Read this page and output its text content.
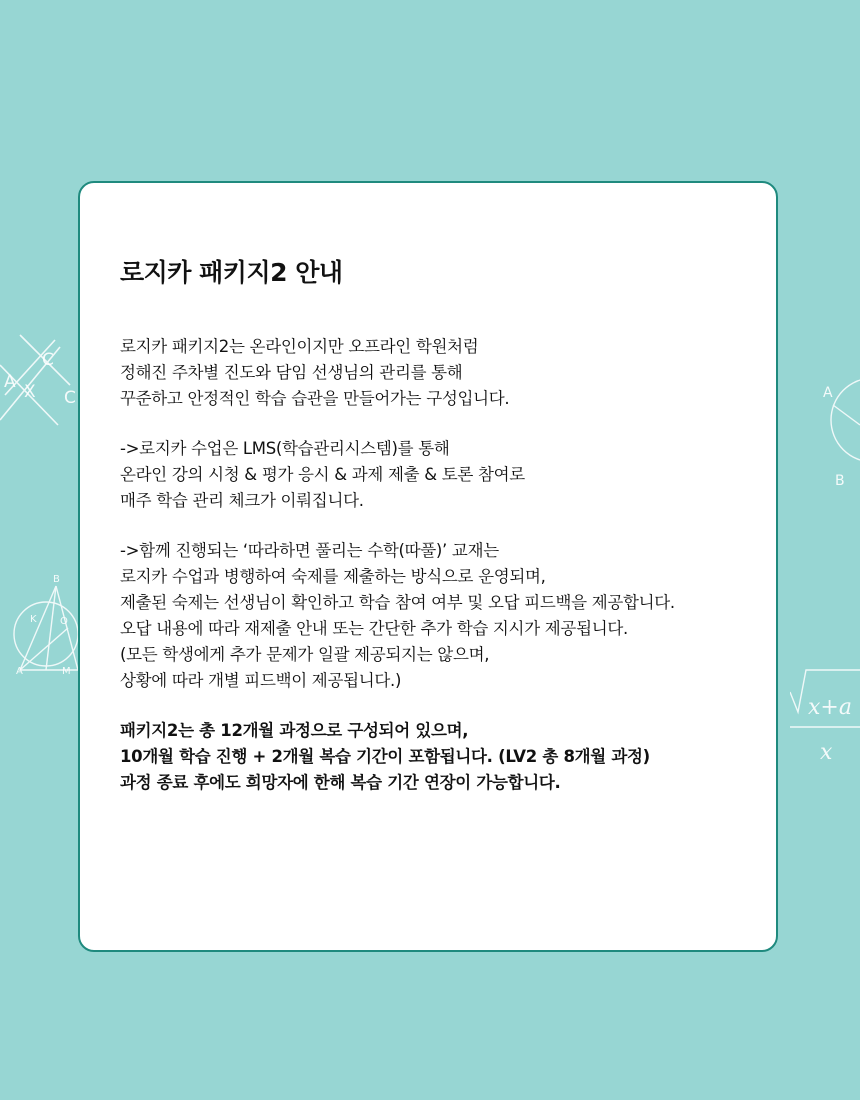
A
C
X C
B
K O
A	M
A
B
x+a
x
로지카 패키지2 안내
로지카 패키지2는 온라인이지만 오프라인 학원처럼
정해진 주차별 진도와 담임 선생님의 관리를 통해
꾸준하고 안정적인 학습 습관을 만들어가는 구성입니다.
->로지카 수업은 LMS(학습관리시스템)를 통해
온라인 강의 시청 & 평가 응시 & 과제 제출 & 토론 참여로
매주 학습 관리 체크가 이뤄집니다.
->함께 진행되는 ‘따라하면 풀리는 수학(따풀)’ 교재는
로지카 수업과 병행하여 숙제를 제출하는 방식으로 운영되며,
제출된 숙제는 선생님이 확인하고 학습 참여 여부 및 오답 피드백을 제공합니다.
오답 내용에 따라 재제출 안내 또는 간단한 추가 학습 지시가 제공됩니다.
(모든 학생에게 추가 문제가 일괄 제공되지는 않으며,
상황에 따라 개별 피드백이 제공됩니다.)
패키지2는 총 12개월 과정으로 구성되어 있으며,
10개월 학습 진행 + 2개월 복습 기간이 포함됩니다. (LV2 총 8개월 과정)
과정 종료 후에도 희망자에 한해 복습 기간 연장이 가능합니다.
